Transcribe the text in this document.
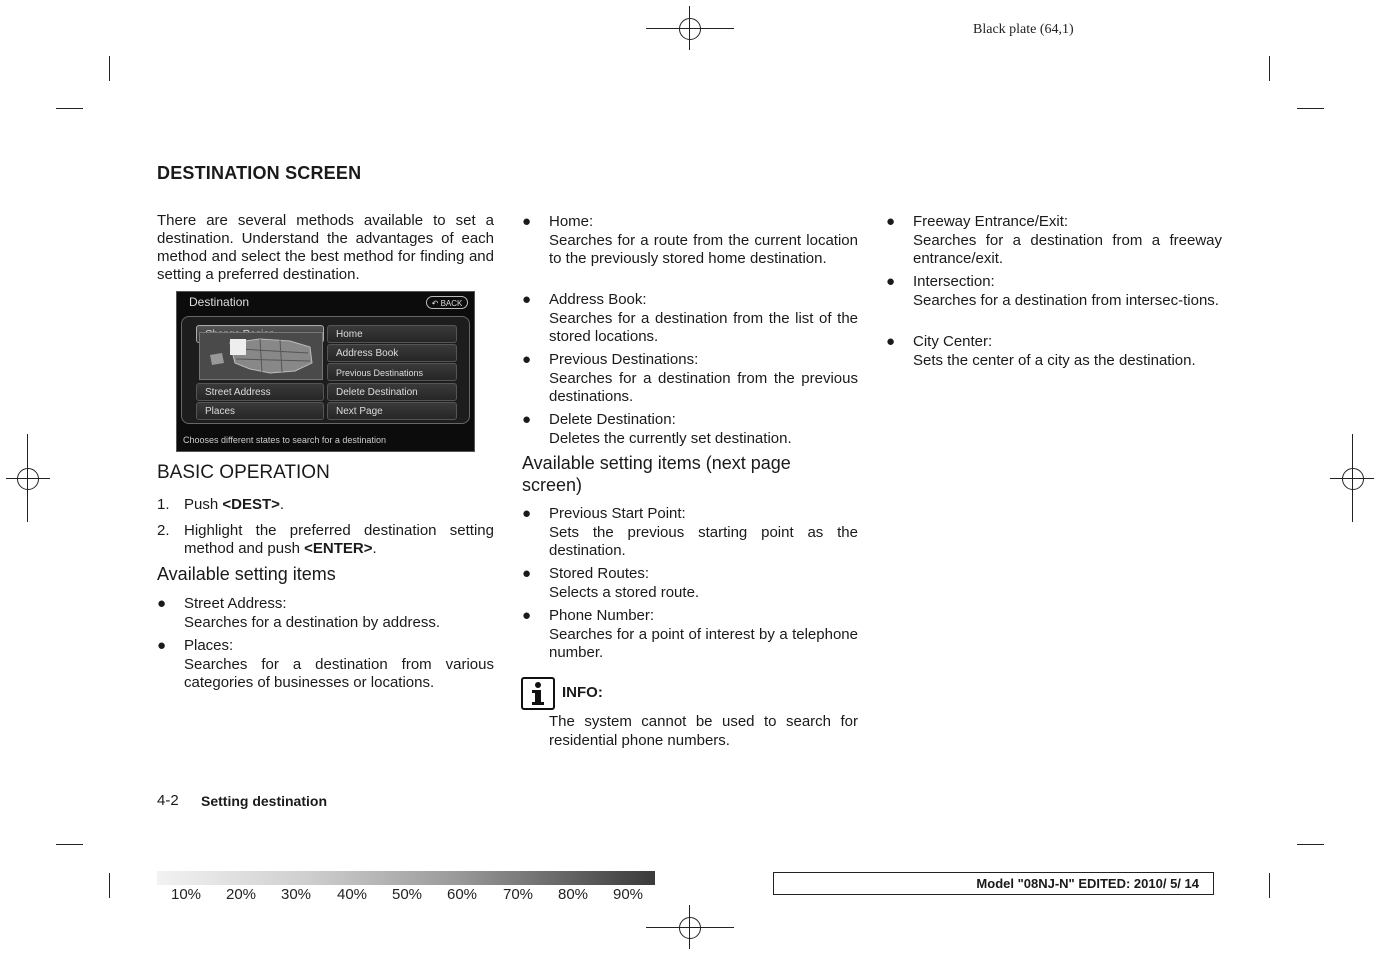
Black plate (64,1)
DESTINATION SCREEN
There are several methods available to set a destination. Understand the advantages of each method and select the best method for finding and setting a preferred destination.
Destination	↶ BACK
Street Address
Places
Home
Address Book
Previous Destinations
Delete Destination
Next Page
Chooses different states to search for a destination
BASIC OPERATION
1. Push <DEST>.
2. Highlight the preferred destination setting method and push <ENTER>.
Available setting items
● Street Address:
Searches for a destination by address.
● Places:
Searches for a destination from various categories of businesses or locations.
● Home:
Searches for a route from the current location to the previously stored home destination.
● Address Book:
Searches for a destination from the list of the stored locations.
● Previous Destinations:
Searches for a destination from the previous destinations.
● Delete Destination:
Deletes the currently set destination.
Available setting items (next page screen)
● Previous Start Point:
Sets the previous starting point as the destination.
● Stored Routes:
Selects a stored route.
● Phone Number:
Searches for a point of interest by a telephone number.
INFO:
The system cannot be used to search for residential phone numbers.
● Freeway Entrance/Exit:
Searches for a destination from a freeway entrance/exit.
● Intersection:
Searches for a destination from intersec-tions.
● City Center:
Sets the center of a city as the destination.
4-2 Setting destination
10% 20% 30% 40% 50% 60% 70% 80% 90%
Model "08NJ-N" EDITED: 2010/ 5/ 14
